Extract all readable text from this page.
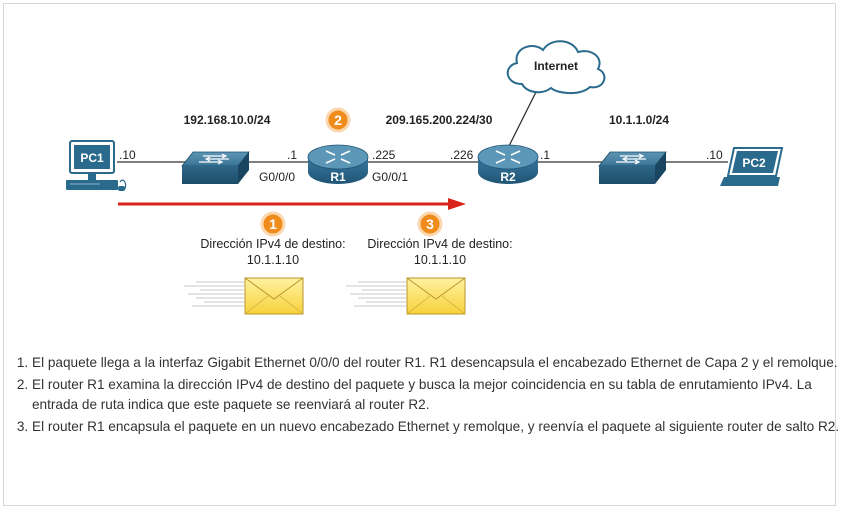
Internet
PC1 .10
R1	R2
PC2
.10
192.168.10.0/24	209.165.200.224/30	10.1.1.0/24
.1	.225	.226	.1
G0/0/0	G0/0/1
2
1	3
Dirección IPv4 de destino:
10.1.1.10
Dirección IPv4 de destino:
10.1.1.10
1. El paquete llega a la interfaz Gigabit Ethernet 0/0/0 del router R1. R1 desencapsula el encabezado Ethernet de Capa 2 y el remolque.
2. El router R1 examina la dirección IPv4 de destino del paquete y busca la mejor coincidencia en su tabla de enrutamiento IPv4. La entrada de ruta indica que este paquete se reenviará al router R2.
3. El router R1 encapsula el paquete en un nuevo encabezado Ethernet y remolque, y reenvía el paquete al siguiente router de salto R2.
